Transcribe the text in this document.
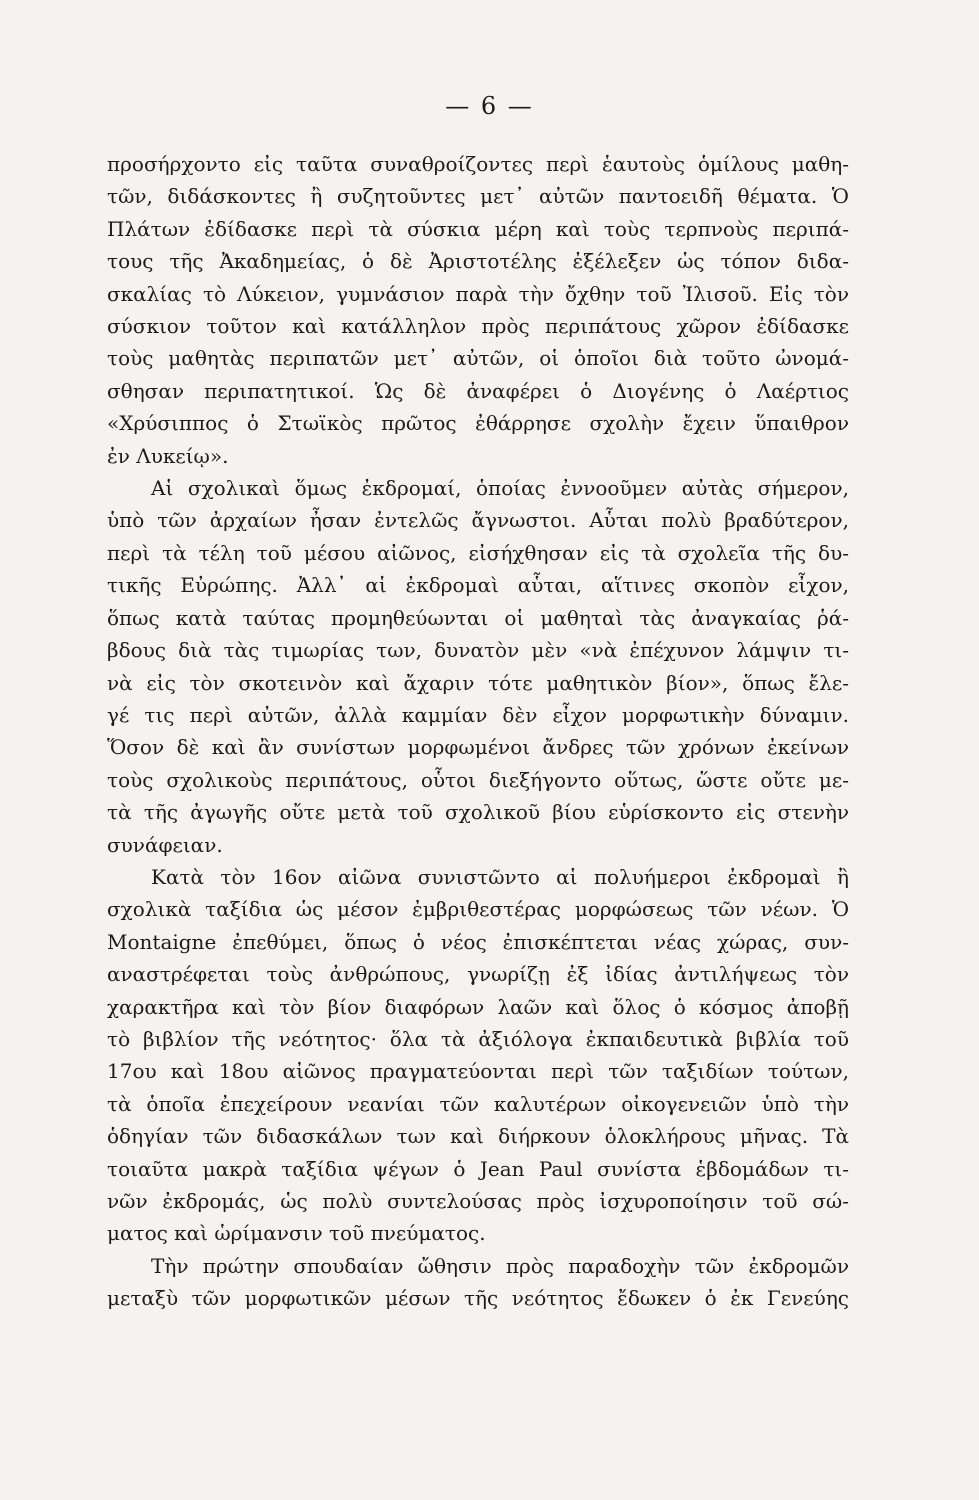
— 6 —
προσήρχοντο εἰς ταῦτα συναθροίζοντες περὶ ἑαυτοὺς ὁμίλους μαθη-
τῶν, διδάσκοντες ἢ συζητοῦντες μετ᾽ αὐτῶν παντοειδῆ θέματα. Ὁ
Πλάτων ἐδίδασκε περὶ τὰ σύσκια μέρη καὶ τοὺς τερπνοὺς περιπά-
τους τῆς Ἀκαδημείας, ὁ δὲ Ἀριστοτέλης ἐξέλεξεν ὡς τόπον διδα-
σκαλίας τὸ Λύκειον, γυμνάσιον παρὰ τὴν ὄχθην τοῦ Ἰλισοῦ. Εἰς τὸν
σύσκιον τοῦτον καὶ κατάλληλον πρὸς περιπάτους χῶρον ἐδίδασκε
τοὺς μαθητὰς περιπατῶν μετ᾽ αὐτῶν, οἱ ὁποῖοι διὰ τοῦτο ὠνομά-
σθησαν περιπατητικοί. Ὡς δὲ ἀναφέρει ὁ Διογένης ὁ Λαέρτιος
«Χρύσιππος ὁ Στωϊκὸς πρῶτος ἐθάρρησε σχολὴν ἔχειν ὕπαιθρον
ἐν Λυκείῳ».
Αἱ σχολικαὶ ὅμως ἐκδρομαί, ὁποίας ἐννοοῦμεν αὐτὰς σήμερον,
ὑπὸ τῶν ἀρχαίων ἦσαν ἐντελῶς ἄγνωστοι. Αὗται πολὺ βραδύτερον,
περὶ τὰ τέλη τοῦ μέσου αἰῶνος, εἰσήχθησαν εἰς τὰ σχολεῖα τῆς δυ-
τικῆς Εὐρώπης. Ἀλλ᾽ αἱ ἐκδρομαὶ αὗται, αἵτινες σκοπὸν εἶχον,
ὅπως κατὰ ταύτας προμηθεύωνται οἱ μαθηταὶ τὰς ἀναγκαίας ῥά-
βδους διὰ τὰς τιμωρίας των, δυνατὸν μὲν «νὰ ἐπέχυνον λάμψιν τι-
νὰ εἰς τὸν σκοτεινὸν καὶ ἄχαριν τότε μαθητικὸν βίον», ὅπως ἔλε-
γέ τις περὶ αὐτῶν, ἀλλὰ καμμίαν δὲν εἶχον μορφωτικὴν δύναμιν.
Ὅσον δὲ καὶ ἂν συνίστων μορφωμένοι ἄνδρες τῶν χρόνων ἐκείνων
τοὺς σχολικοὺς περιπάτους, οὗτοι διεξήγοντο οὕτως, ὥστε οὔτε με-
τὰ τῆς ἀγωγῆς οὔτε μετὰ τοῦ σχολικοῦ βίου εὑρίσκοντο εἰς στενὴν
συνάφειαν.
Κατὰ τὸν 16ον αἰῶνα συνιστῶντο αἱ πολυήμεροι ἐκδρομαὶ ἢ
σχολικὰ ταξίδια ὡς μέσον ἐμβριθεστέρας μορφώσεως τῶν νέων. Ὁ
Montaigne ἐπεθύμει, ὅπως ὁ νέος ἐπισκέπτεται νέας χώρας, συν-
αναστρέφεται τοὺς ἀνθρώπους, γνωρίζῃ ἐξ ἰδίας ἀντιλήψεως τὸν
χαρακτῆρα καὶ τὸν βίον διαφόρων λαῶν καὶ ὅλος ὁ κόσμος ἀποβῇ
τὸ βιβλίον τῆς νεότητος· ὅλα τὰ ἀξιόλογα ἐκπαιδευτικὰ βιβλία τοῦ
17ου καὶ 18ου αἰῶνος πραγματεύονται περὶ τῶν ταξιδίων τούτων,
τὰ ὁποῖα ἐπεχείρουν νεανίαι τῶν καλυτέρων οἰκογενειῶν ὑπὸ τὴν
ὁδηγίαν τῶν διδασκάλων των καὶ διήρκουν ὁλοκλήρους μῆνας. Τὰ
τοιαῦτα μακρὰ ταξίδια ψέγων ὁ Jean Paul συνίστα ἑβδομάδων τι-
νῶν ἐκδρομάς, ὡς πολὺ συντελούσας πρὸς ἰσχυροποίησιν τοῦ σώ-
ματος καὶ ὡρίμανσιν τοῦ πνεύματος.
Τὴν πρώτην σπουδαίαν ὤθησιν πρὸς παραδοχὴν τῶν ἐκδρομῶν
μεταξὺ τῶν μορφωτικῶν μέσων τῆς νεότητος ἔδωκεν ὁ ἐκ Γενεύης
